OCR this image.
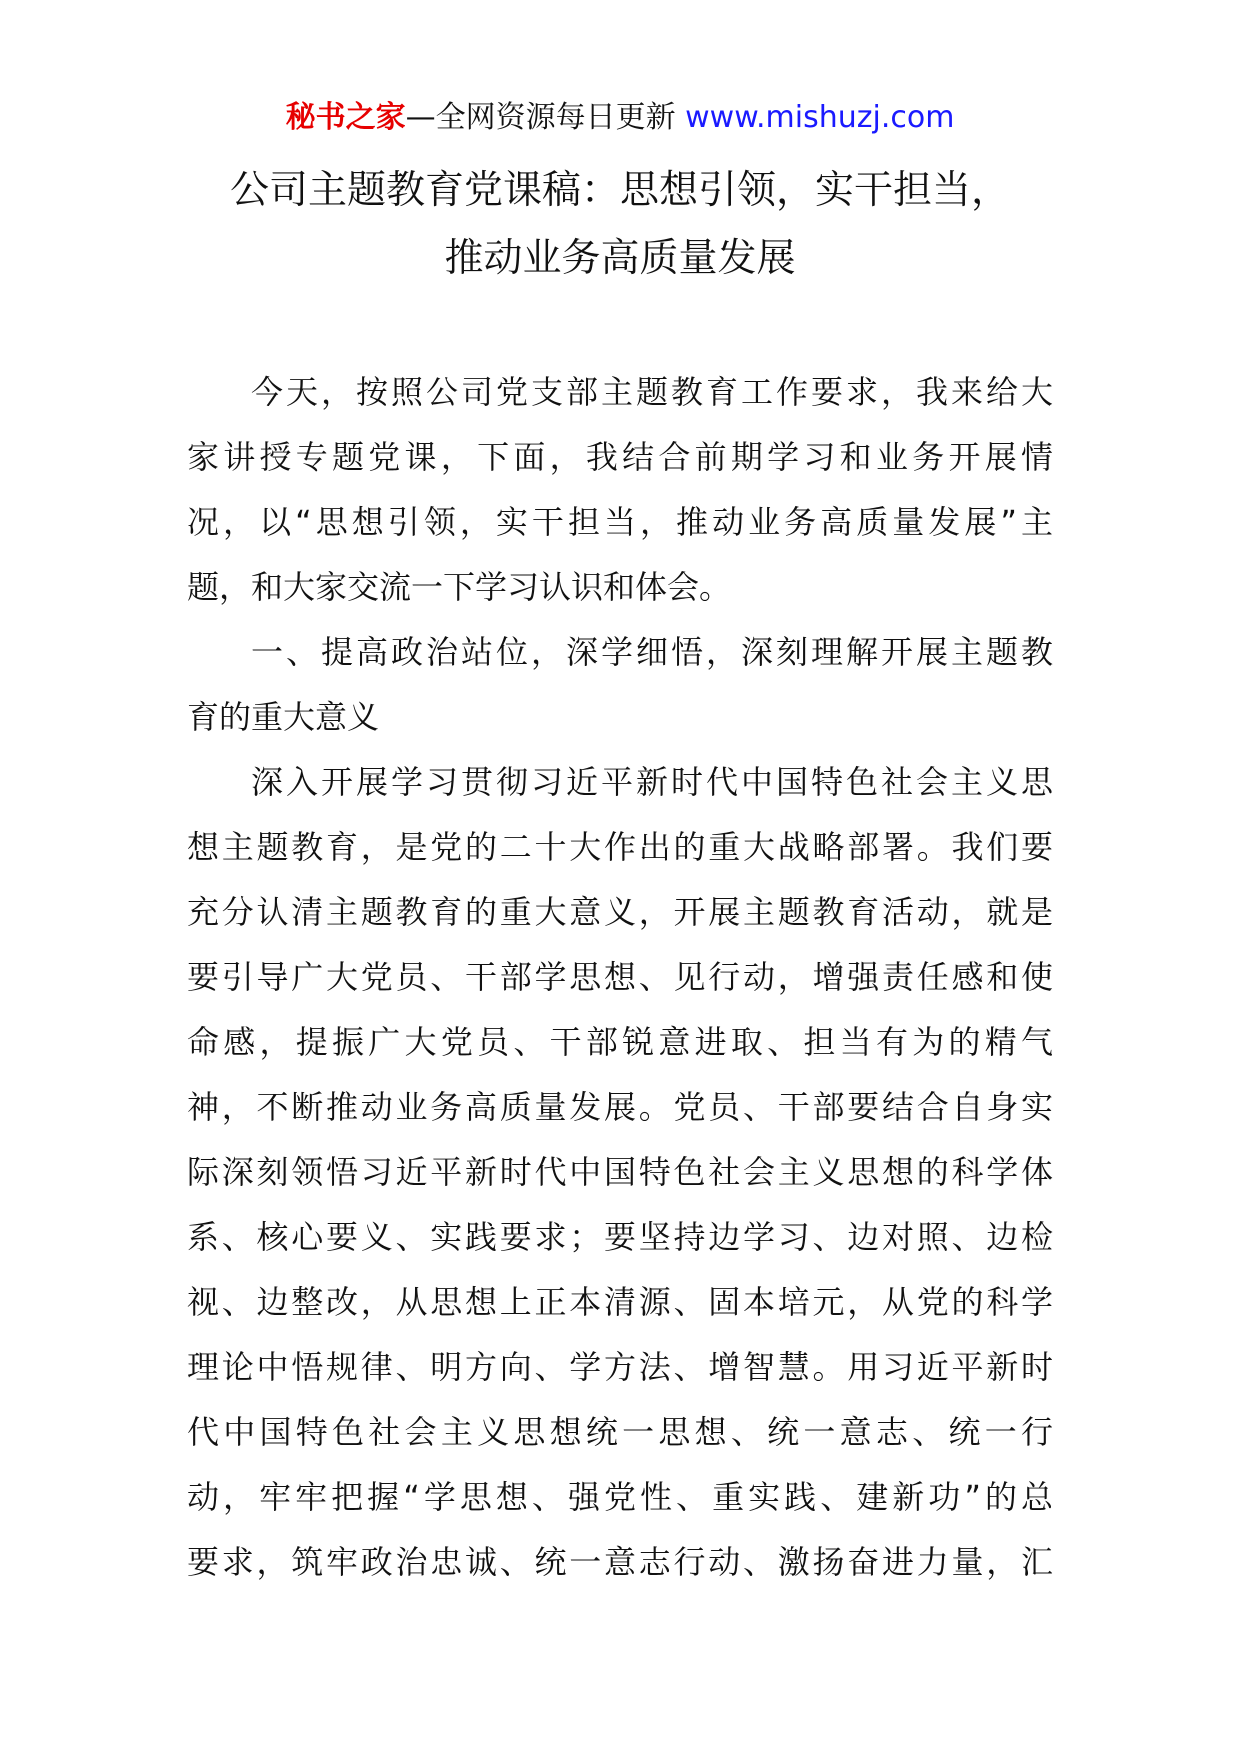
秘书之家—全网资源每日更新 www.mishuzj.com
公司主题教育党课稿：思想引领，实干担当，
推动业务高质量发展
今天，按照公司党支部主题教育工作要求，我来给大
家讲授专题党课，下面，我结合前期学习和业务开展情
况，以“思想引领，实干担当，推动业务高质量发展”主
题，和大家交流一下学习认识和体会。
一、提高政治站位，深学细悟，深刻理解开展主题教
育的重大意义
深入开展学习贯彻习近平新时代中国特色社会主义思
想主题教育，是党的二十大作出的重大战略部署。我们要
充分认清主题教育的重大意义，开展主题教育活动，就是
要引导广大党员、干部学思想、见行动，增强责任感和使
命感，提振广大党员、干部锐意进取、担当有为的精气
神，不断推动业务高质量发展。党员、干部要结合自身实
际深刻领悟习近平新时代中国特色社会主义思想的科学体
系、核心要义、实践要求；要坚持边学习、边对照、边检
视、边整改，从思想上正本清源、固本培元，从党的科学
理论中悟规律、明方向、学方法、增智慧。用习近平新时
代中国特色社会主义思想统一思想、统一意志、统一行
动，牢牢把握“学思想、强党性、重实践、建新功”的总
要求，筑牢政治忠诚、统一意志行动、激扬奋进力量，汇
